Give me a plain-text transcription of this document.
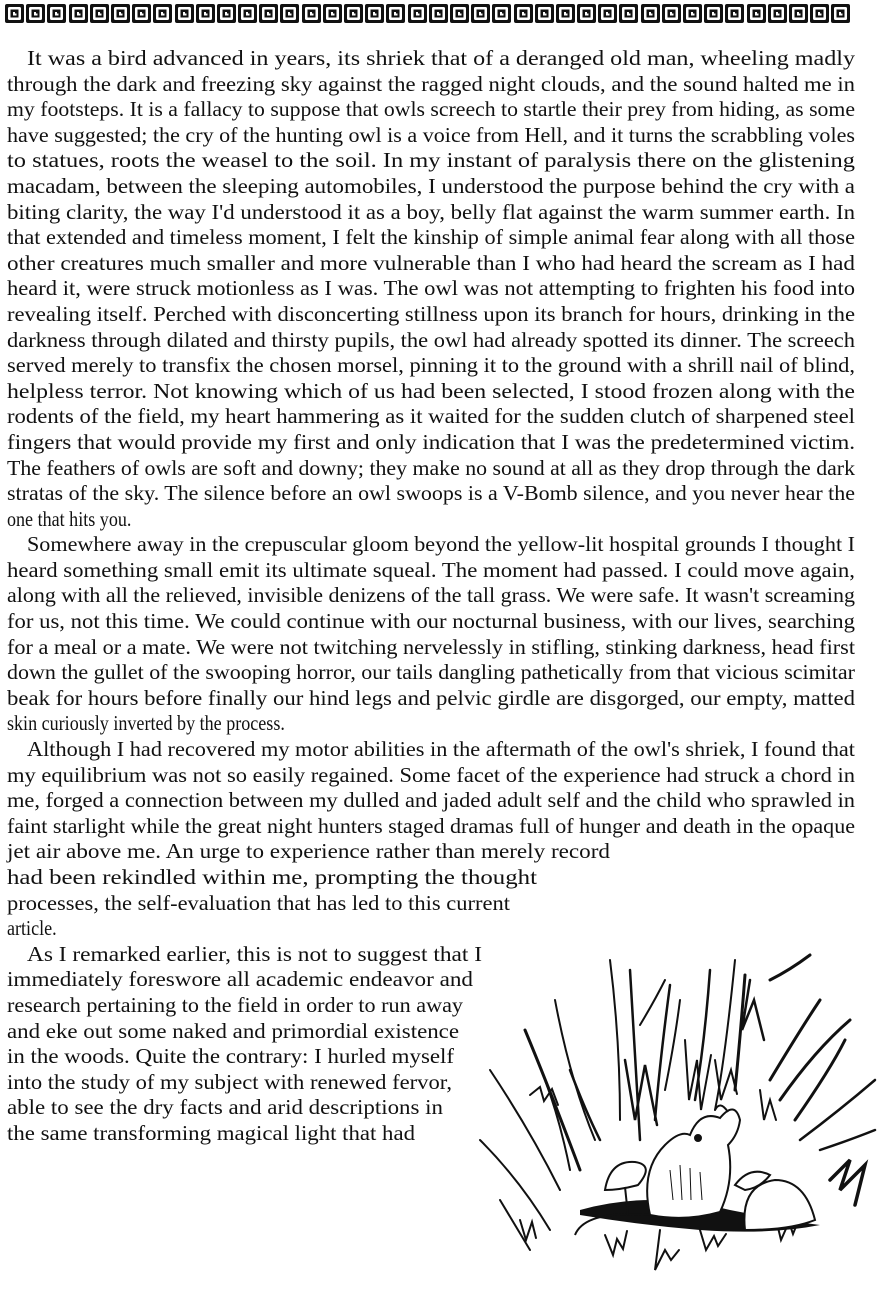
It was a bird advanced in years, its shriek that of a deranged old man, wheeling madly
through the dark and freezing sky against the ragged night clouds, and the sound halted me in
my footsteps. It is a fallacy to suppose that owls screech to startle their prey from hiding, as some
have suggested; the cry of the hunting owl is a voice from Hell, and it turns the scrabbling voles
to statues, roots the weasel to the soil. In my instant of paralysis there on the glistening
macadam, between the sleeping automobiles, I understood the purpose behind the cry with a
biting clarity, the way I'd understood it as a boy, belly flat against the warm summer earth. In
that extended and timeless moment, I felt the kinship of simple animal fear along with all those
other creatures much smaller and more vulnerable than I who had heard the scream as I had
heard it, were struck motionless as I was. The owl was not attempting to frighten his food into
revealing itself. Perched with disconcerting stillness upon its branch for hours, drinking in the
darkness through dilated and thirsty pupils, the owl had already spotted its dinner. The screech
served merely to transfix the chosen morsel, pinning it to the ground with a shrill nail of blind,
helpless terror. Not knowing which of us had been selected, I stood frozen along with the
rodents of the field, my heart hammering as it waited for the sudden clutch of sharpened steel
fingers that would provide my first and only indication that I was the predetermined victim.
The feathers of owls are soft and downy; they make no sound at all as they drop through the dark
stratas of the sky. The silence before an owl swoops is a V-Bomb silence, and you never hear the
one that hits you.
Somewhere away in the crepuscular gloom beyond the yellow-lit hospital grounds I thought I
heard something small emit its ultimate squeal. The moment had passed. I could move again,
along with all the relieved, invisible denizens of the tall grass. We were safe. It wasn't screaming
for us, not this time. We could continue with our nocturnal business, with our lives, searching
for a meal or a mate. We were not twitching nervelessly in stifling, stinking darkness, head first
down the gullet of the swooping horror, our tails dangling pathetically from that vicious scimitar
beak for hours before finally our hind legs and pelvic girdle are disgorged, our empty, matted
skin curiously inverted by the process.
Although I had recovered my motor abilities in the aftermath of the owl's shriek, I found that
my equilibrium was not so easily regained. Some facet of the experience had struck a chord in
me, forged a connection between my dulled and jaded adult self and the child who sprawled in
faint starlight while the great night hunters staged dramas full of hunger and death in the opaque
jet air above me. An urge to experience rather than merely record
had been rekindled within me, prompting the thought
processes, the self-evaluation that has led to this current
article.
As I remarked earlier, this is not to suggest that I
immediately foreswore all academic endeavor and
research pertaining to the field in order to run away
and eke out some naked and primordial existence
in the woods. Quite the contrary: I hurled myself
into the study of my subject with renewed fervor,
able to see the dry facts and arid descriptions in
the same transforming magical light that had
